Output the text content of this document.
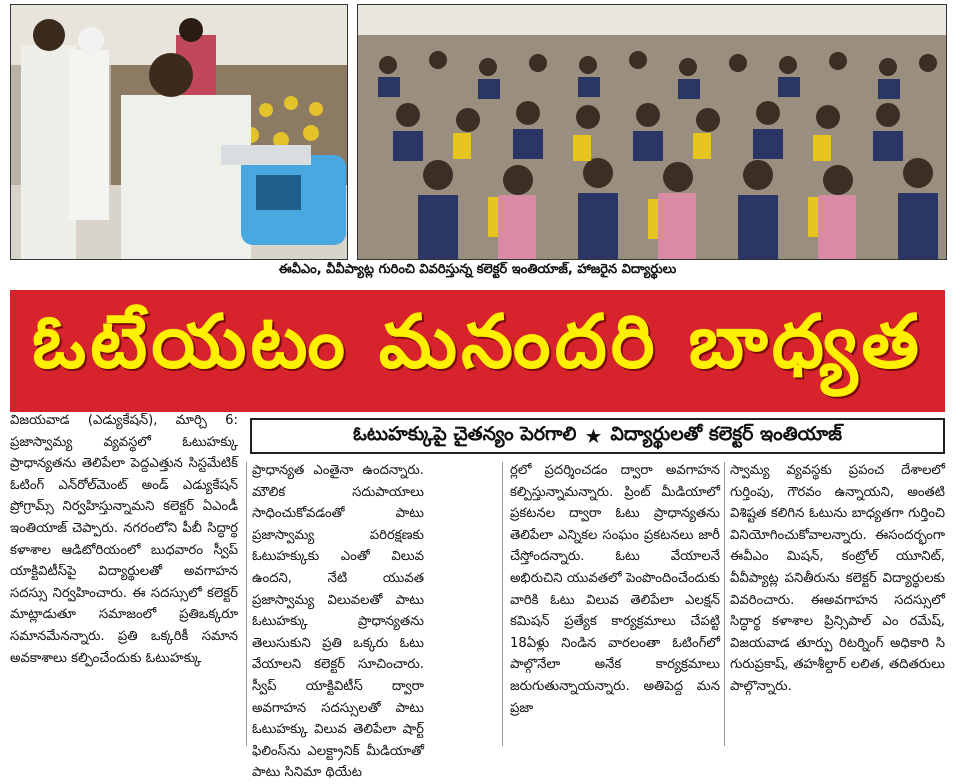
ఈవీఎం, వీవీప్యాట్ల గురించి వివరిస్తున్న కలెక్టర్ ఇంతియాజ్, హాజరైన విద్యార్థులు
ఓటేయటం మనందరి బాధ్యత
ఓటుహక్కుపై చైతన్యం పెరగాలి ★ విద్యార్థులతో కలెక్టర్ ఇంతియాజ్

విజయవాడ (ఎడ్యుకేషన్), మార్చి 6: ప్రజాస్వామ్య వ్యవస్థలో ఓటుహక్కు ప్రాధాన్యతను తెలిపేలా పెద్దఎత్తున సిస్టమేటిక్ ఓటింగ్ ఎన్‌రోల్‌మెంట్ అండ్ ఎడ్యుకేషన్ ప్రోగ్రామ్స్ నిర్వహిస్తున్నామని కలెక్టర్ ఏఎండీ ఇంతియాజ్ చెప్పారు. నగరంలోని పీబీ సిద్ధార్థ కళాశాల ఆడిటోరియంలో బుధవారం స్వీప్ యాక్టివిటీస్‌పై విద్యార్థులతో అవగాహన సదస్సు నిర్వహించారు. ఈ సదస్సులో కలెక్టర్ మాట్లాడుతూ సమాజంలో ప్రతిఒక్కరూ సమానమేనన్నారు. ప్రతి ఒక్కరికీ సమాన అవకాశాలు కల్పించేందుకు ఓటుహక్కు

ప్రాధాన్యత ఎంతైనా ఉందన్నారు. మౌలిక సదుపాయాలు సాధించుకోవడంతో పాటు ప్రజాస్వామ్య పరిరక్షణకు ఓటుహక్కుకు ఎంతో విలువ ఉందని, నేటి యువత ప్రజాస్వామ్య విలువలతో పాటు ఓటుహక్కు ప్రాధాన్యతను తెలుసుకుని ప్రతి ఒక్కరు ఓటు వేయాలని కలెక్టర్ సూచించారు. స్వీప్ యాక్టివిటీస్ ద్వారా అవగాహన సదస్సులతో పాటు ఓటుహక్కు విలువ తెలిపేలా షార్ట్ ఫిలింస్‌ను ఎలక్ట్రానిక్ మీడియాతో పాటు సినిమా థియేట

ర్లలో ప్రదర్శించడం ద్వారా అవగాహన కల్పిస్తున్నామన్నారు. ప్రింట్ మీడియాలో ప్రకటనల ద్వారా ఓటు ప్రాధాన్యతను తెలిపేలా ఎన్నికల సంఘం ప్రకటనలు జారీ చేస్తోందన్నారు. ఓటు వేయాలనే అభిరుచిని యువతలో పెంపొందించేందుకు వారికి ఓటు విలువ తెలిపేలా ఎలక్షన్ కమిషన్ ప్రత్యేక కార్యక్రమాలు చేపట్టి 18ఏళ్లు నిండిన వారలంతా ఓటింగ్‌లో పాల్గొనేలా అనేక కార్యక్రమాలు జరుగుతున్నాయన్నారు. అతిపెద్ద మన ప్రజా

స్వామ్య వ్యవస్థకు ప్రపంచ దేశాలలో గుర్తింపు, గౌరవం ఉన్నాయని, అంతటి విశిష్టత కలిగిన ఓటును బాధ్యతగా గుర్తించి వినియోగించుకోవాలన్నారు. ఈసందర్భంగా ఈవీఎం మిషన్, కంట్రోల్ యూనిట్, వీవీప్యాట్ల పనితీరును కలెక్టర్ విద్యార్థులకు వివరించారు. ఈఅవగాహన సదస్సులో సిద్ధార్థ కళాశాల ప్రిన్సిపాల్ ఎం రమేష్, విజయవాడ తూర్పు రిటర్నింగ్ అధికారి సి గురుప్రకాష్, తహశీల్దార్ లలిత, తదితరులు పాల్గొన్నారు.
